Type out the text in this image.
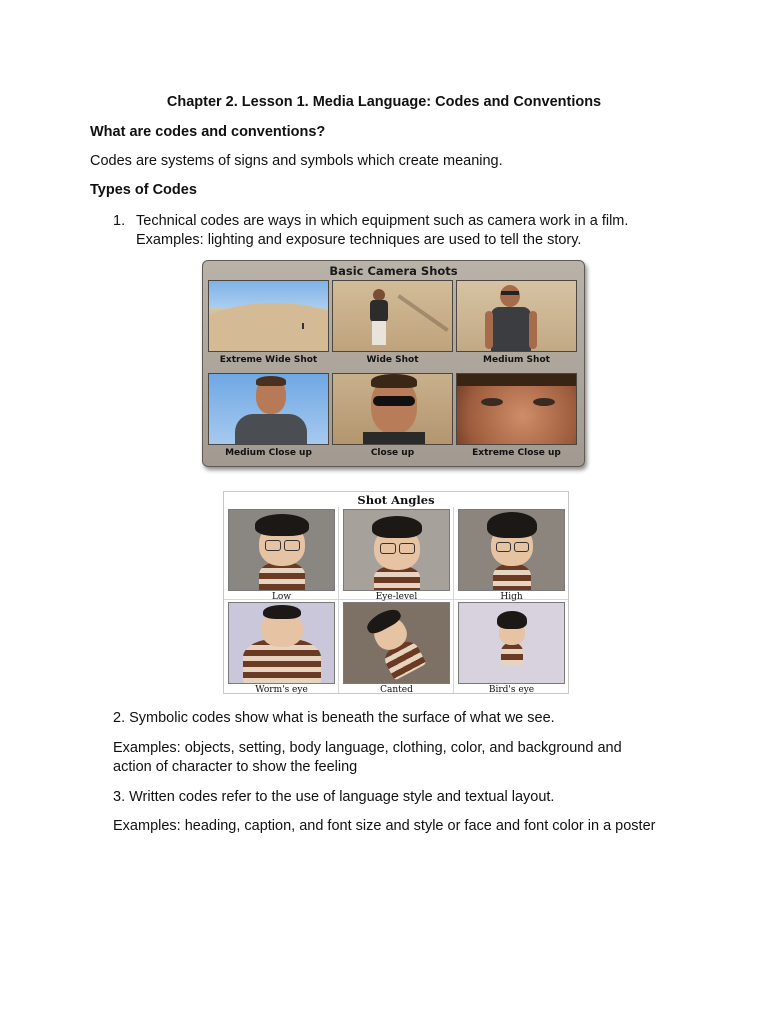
Chapter 2. Lesson 1. Media Language: Codes and Conventions
What are codes and conventions?
Codes are systems of signs and symbols which create meaning.
Types of Codes
1. Technical codes are ways in which equipment such as camera work in a film.
Examples: lighting and exposure techniques are used to tell the story.
Basic Camera Shots
Extreme Wide Shot	Wide Shot	Medium Shot
Medium Close up	Close up	Extreme Close up
Shot Angles
Low	Eye-level	High
Worm's eye	Canted	Bird's eye
2. Symbolic codes show what is beneath the surface of what we see.
Examples: objects, setting, body language, clothing, color, and background and
action of character to show the feeling
3. Written codes refer to the use of language style and textual layout.
Examples: heading, caption, and font size and style or face and font color in a poster
